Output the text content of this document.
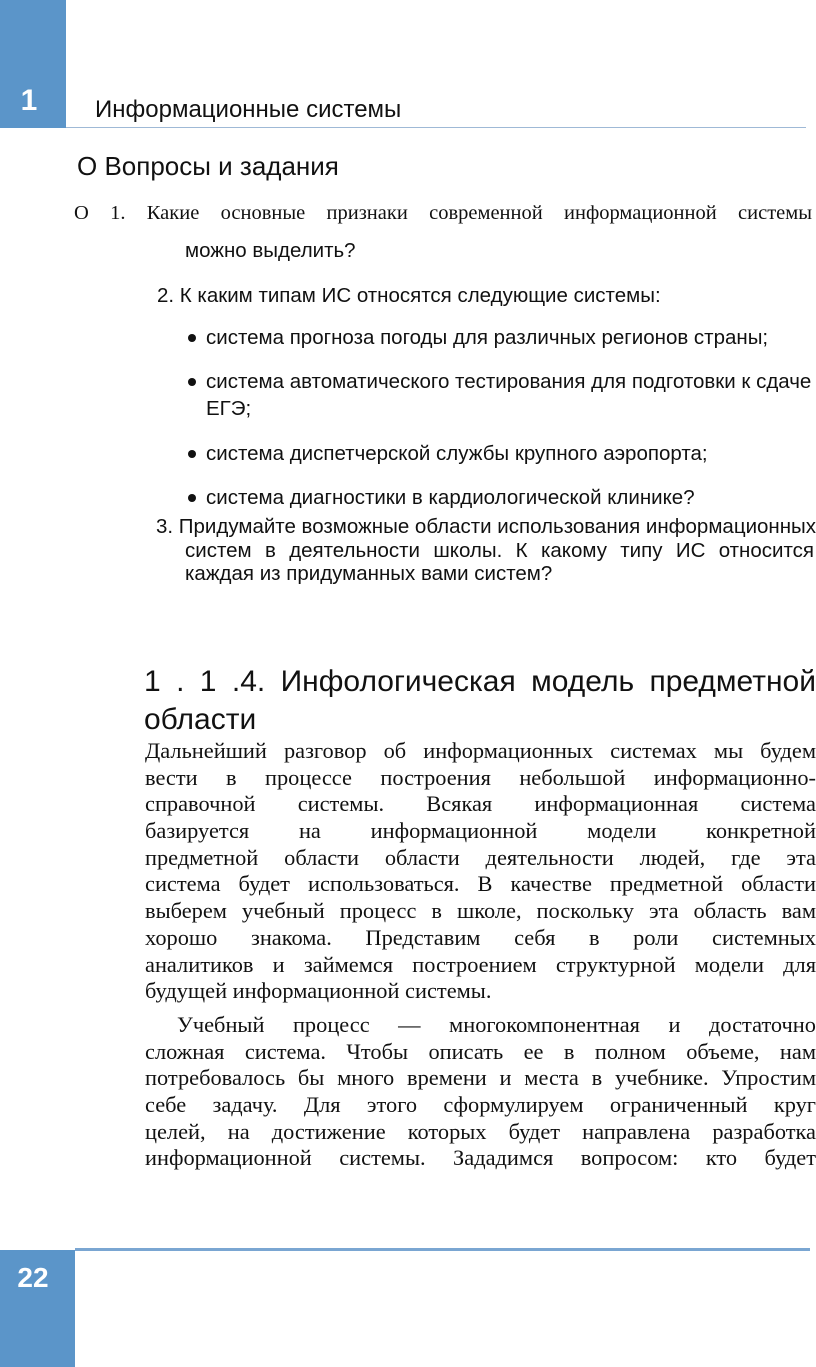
1	Информационные системы
О Вопросы и задания
О 1. Какие основные признаки современной информационной системы
можно выделить?
2. К каким типам ИС относятся следующие системы:
система прогноза погоды для различных регионов страны;
система автоматического тестирования для подготовки к сдаче
ЕГЭ;
система диспетчерской службы крупного аэропорта;
система диагностики в кардиологической клинике?
3. Придумайте возможные области использования информационных
систем в деятельности школы. К какому типу ИС относится
каждая из придуманных вами систем?
1 . 1 .4. Инфологическая модель предметной
области
Дальнейший разговор об информационных системах мы будем
вести в процессе построения небольшой информационно-
справочной системы. Всякая информационная система
базируется на информационной модели конкретной
предметной области области деятельности людей, где эта
система будет использоваться. В качестве предметной области
выберем учебный процесс в школе, поскольку эта область вам
хорошо знакома. Представим себя в роли системных
аналитиков и займемся построением структурной модели для
будущей информационной системы.
Учебный процесс — многокомпонентная и достаточно
сложная система. Чтобы описать ее в полном объеме, нам
потребовалось бы много времени и места в учебнике. Упростим
себе задачу. Для этого сформулируем ограниченный круг
целей, на достижение которых будет направлена разработка
информационной системы. Зададимся вопросом: кто будет
22
